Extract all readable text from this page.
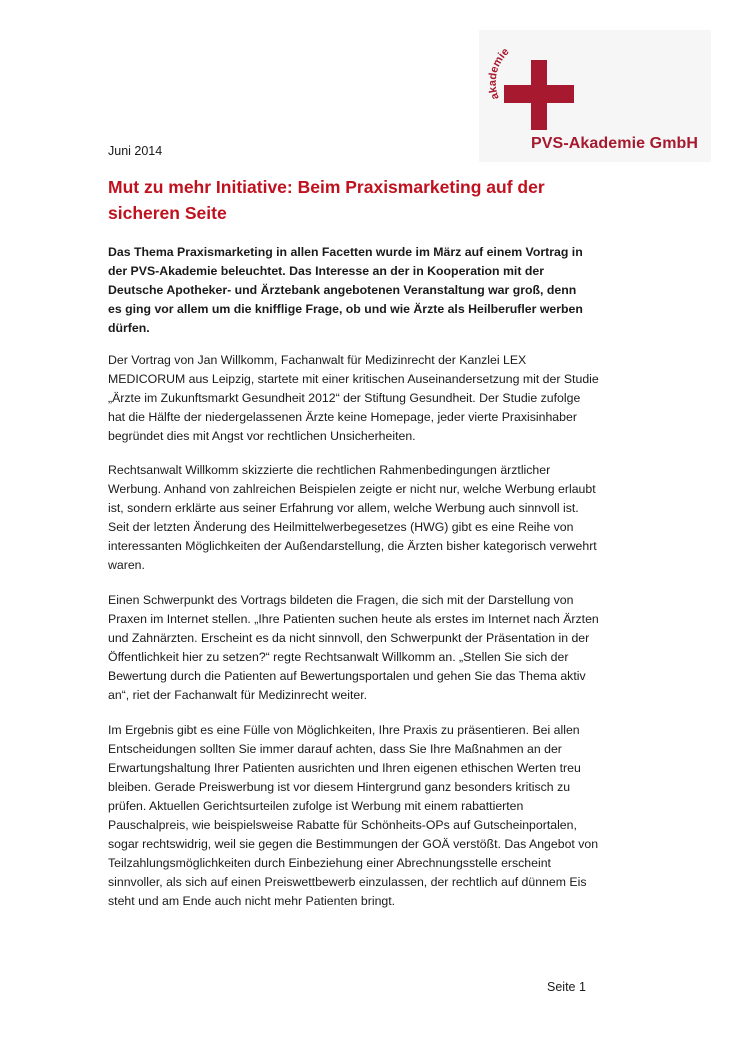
akademie
PVS-Akademie GmbH
Juni 2014
Mut zu mehr Initiative: Beim Praxismarketing auf der sicheren Seite

Das Thema Praxismarketing in allen Facetten wurde im März auf einem Vortrag in der PVS-Akademie beleuchtet. Das Interesse an der in Kooperation mit der Deutsche Apotheker- und Ärztebank angebotenen Veranstaltung war groß, denn es ging vor allem um die knifflige Frage, ob und wie Ärzte als Heilberufler werben dürfen.

Der Vortrag von Jan Willkomm, Fachanwalt für Medizinrecht der Kanzlei LEX MEDICORUM aus Leipzig, startete mit einer kritischen Auseinandersetzung mit der Studie „Ärzte im Zukunftsmarkt Gesundheit 2012“ der Stiftung Gesundheit. Der Studie zufolge hat die Hälfte der niedergelassenen Ärzte keine Homepage, jeder vierte Praxisinhaber begründet dies mit Angst vor rechtlichen Unsicherheiten.

Rechtsanwalt Willkomm skizzierte die rechtlichen Rahmenbedingungen ärztlicher Werbung. Anhand von zahlreichen Beispielen zeigte er nicht nur, welche Werbung erlaubt ist, sondern erklärte aus seiner Erfahrung vor allem, welche Werbung auch sinnvoll ist. Seit der letzten Änderung des Heilmittelwerbegesetzes (HWG) gibt es eine Reihe von interessanten Möglichkeiten der Außendarstellung, die Ärzten bisher kategorisch verwehrt waren.

Einen Schwerpunkt des Vortrags bildeten die Fragen, die sich mit der Darstellung von Praxen im Internet stellen. „Ihre Patienten suchen heute als erstes im Internet nach Ärzten und Zahnärzten. Erscheint es da nicht sinnvoll, den Schwerpunkt der Präsentation in der Öffentlichkeit hier zu setzen?“ regte Rechtsanwalt Willkomm an. „Stellen Sie sich der Bewertung durch die Patienten auf Bewertungsportalen und gehen Sie das Thema aktiv an“, riet der Fachanwalt für Medizinrecht weiter.

Im Ergebnis gibt es eine Fülle von Möglichkeiten, Ihre Praxis zu präsentieren. Bei allen Entscheidungen sollten Sie immer darauf achten, dass Sie Ihre Maßnahmen an der Erwartungshaltung Ihrer Patienten ausrichten und Ihren eigenen ethischen Werten treu bleiben. Gerade Preiswerbung ist vor diesem Hintergrund ganz besonders kritisch zu prüfen. Aktuellen Gerichtsurteilen zufolge ist Werbung mit einem rabattierten Pauschalpreis, wie beispielsweise Rabatte für Schönheits-OPs auf Gutscheinportalen, sogar rechtswidrig, weil sie gegen die Bestimmungen der GOÄ verstößt. Das Angebot von Teilzahlungsmöglichkeiten durch Einbeziehung einer Abrechnungsstelle erscheint sinnvoller, als sich auf einen Preiswettbewerb einzulassen, der rechtlich auf dünnem Eis steht und am Ende auch nicht mehr Patienten bringt.

Seite 1
